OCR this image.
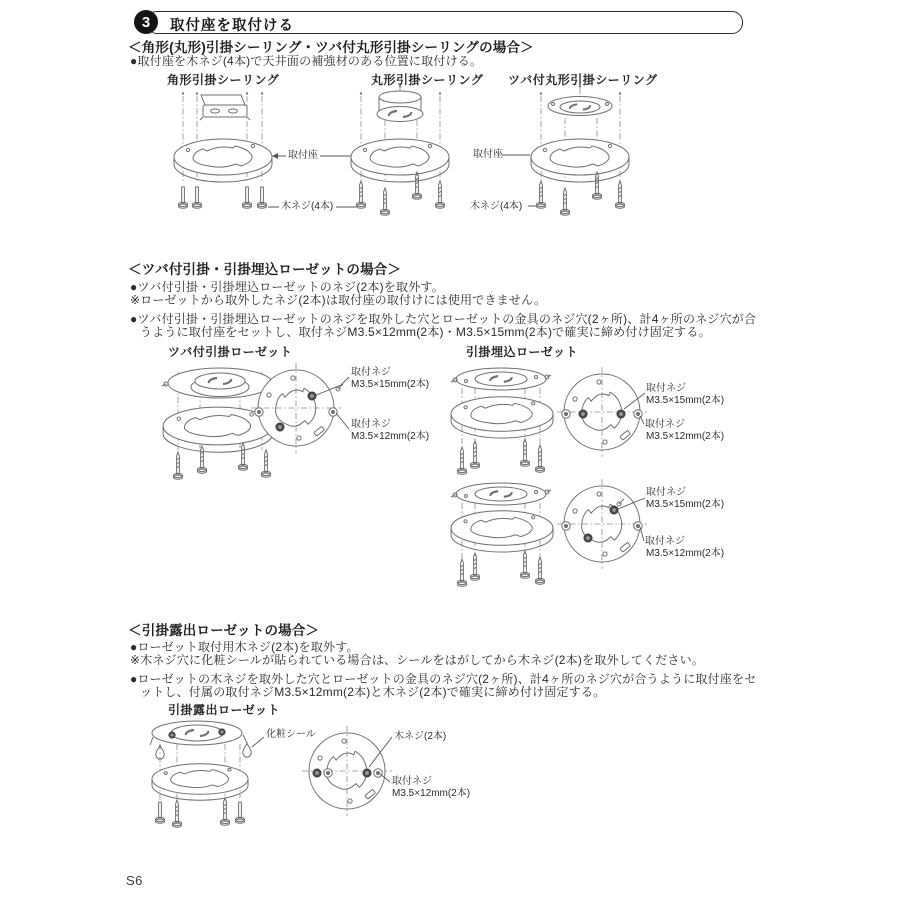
3	取付座を取付ける
＜角形(丸形)引掛シーリング・ツバ付丸形引掛シーリングの場合＞
●取付座を木ネジ(4本)で天井面の補強材のある位置に取付ける。
角形引掛シーリング	丸形引掛シーリング ツバ付丸形引掛シーリング
取付座	取付座
木ネジ(4本)	木ネジ(4本)
＜ツバ付引掛・引掛埋込ローゼットの場合＞
●ツバ付引掛・引掛埋込ローゼットのネジ(2本)を取外す。
※ローゼットから取外したネジ(2本)は取付座の取付けには使用できません。
●ツバ付引掛・引掛埋込ローゼットのネジを取外した穴とローゼットの金具のネジ穴(2ヶ所)、計4ヶ所のネジ穴が合
うように取付座をセットし、取付ネジM3.5×12mm(2本)・M3.5×15mm(2本)で確実に締め付け固定する。
ツバ付引掛ローゼット	引掛埋込ローゼット
取付ネジ
M3.5×15mm(2本)
取付ネジ
M3.5×12mm(2本)
取付ネジ
M3.5×15mm(2本)
取付ネジ
M3.5×12mm(2本)
取付ネジ
M3.5×15mm(2本)
取付ネジ
M3.5×12mm(2本)
＜引掛露出ローゼットの場合＞
●ローゼット取付用木ネジ(2本)を取外す。
※木ネジ穴に化粧シールが貼られている場合は、シールをはがしてから木ネジ(2本)を取外してください。
●ローゼットの木ネジを取外した穴とローゼットの金具のネジ穴(2ヶ所)、計4ヶ所のネジ穴が合うように取付座をセ
ットし、付属の取付ネジM3.5×12mm(2本)と木ネジ(2本)で確実に締め付け固定する。
引掛露出ローゼット
化粧シール	木ネジ(2本)
取付ネジ
M3.5×12mm(2本)
S6
